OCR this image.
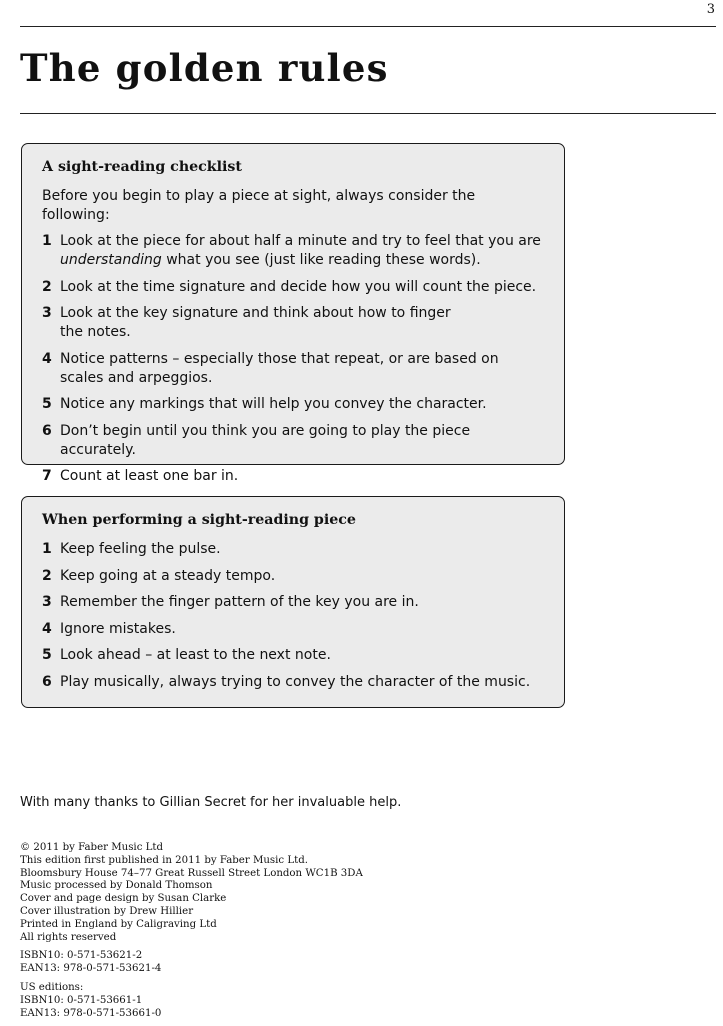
3
The golden rules
A sight-reading checklist

Before you begin to play a piece at sight, always consider the following:

1 Look at the piece for about half a minute and try to feel that you are understanding what you see (just like reading these words).
2 Look at the time signature and decide how you will count the piece.
3 Look at the key signature and think about how to finger the notes.
4 Notice patterns – especially those that repeat, or are based on scales and arpeggios.
5 Notice any markings that will help you convey the character.
6 Don’t begin until you think you are going to play the piece accurately.
7 Count at least one bar in.
When performing a sight-reading piece
1 Keep feeling the pulse.
2 Keep going at a steady tempo.
3 Remember the finger pattern of the key you are in.
4 Ignore mistakes.
5 Look ahead – at least to the next note.
6 Play musically, always trying to convey the character of the music.
With many thanks to Gillian Secret for her invaluable help.
© 2011 by Faber Music Ltd
This edition first published in 2011 by Faber Music Ltd.
Bloomsbury House 74–77 Great Russell Street London WC1B 3DA
Music processed by Donald Thomson
Cover and page design by Susan Clarke
Cover illustration by Drew Hillier
Printed in England by Caligraving Ltd
All rights reserved
ISBN10: 0-571-53621-2
EAN13: 978-0-571-53621-4
US editions:
ISBN10: 0-571-53661-1
EAN13: 978-0-571-53661-0
